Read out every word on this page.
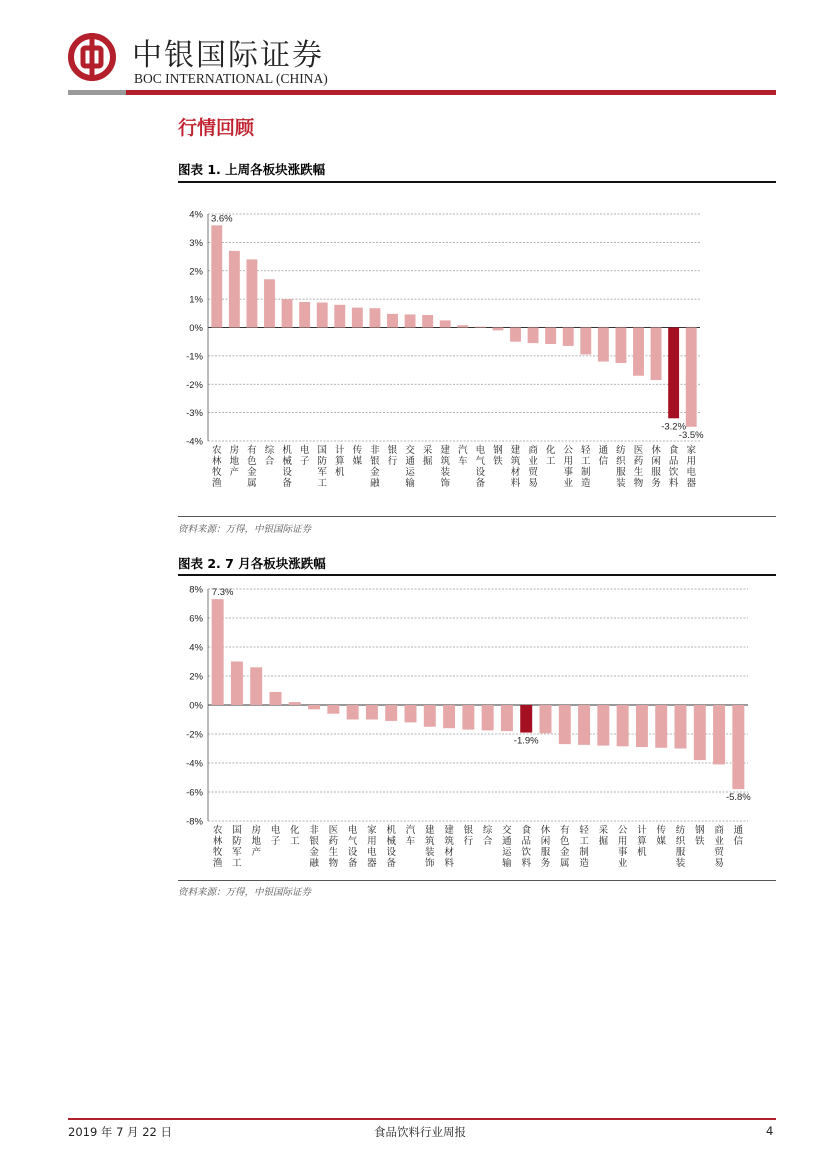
中银国际证券
BOC INTERNATIONAL (CHINA)
行情回顾
图表 1. 上周各板块涨跌幅
4%
3%
2%
1%
0%
-1%
-2%
-3%
-4%
农
林
牧
渔
3.6%
房
地
产
有
色
金
属
综
合
机
械
设
备
电
子
国
防
军
工
计
算
机
传
媒
非
银
金
融
银
行
交
通
运
输
采
掘
建
筑
装
饰
汽
车
电
气
设
备
钢
铁
建
筑
材
料
商
业
贸
易
化
工
公
用
事
业
轻
工
制
造
通
信
纺
织
服
装
医
药
生
物
休
闲
服
务
食
品
饮
料
-3.2%
家
用
电
器
-3.5%
资料来源：万得，中银国际证券
图表 2. 7 月各板块涨跌幅
8%
6%
4%
2%
0%
-2%
-4%
-6%
-8%
农
林
牧
渔
7.3%
国
防
军
工
房
地
产
电
子
化
工
非
银
金
融
医
药
生
物
电
气
设
备
家
用
电
器
机
械
设
备
汽
车
建
筑
装
饰
建
筑
材
料
银
行
综
合
交
通
运
输
食
品
饮
料
-1.9%
休
闲
服
务
有
色
金
属
轻
工
制
造
采
掘
公
用
事
业
计
算
机
传
媒
纺
织
服
装
钢
铁
商
业
贸
易
通
信
-5.8%
资料来源：万得，中银国际证券
2019 年 7 月 22 日	食品饮料行业周报	4
